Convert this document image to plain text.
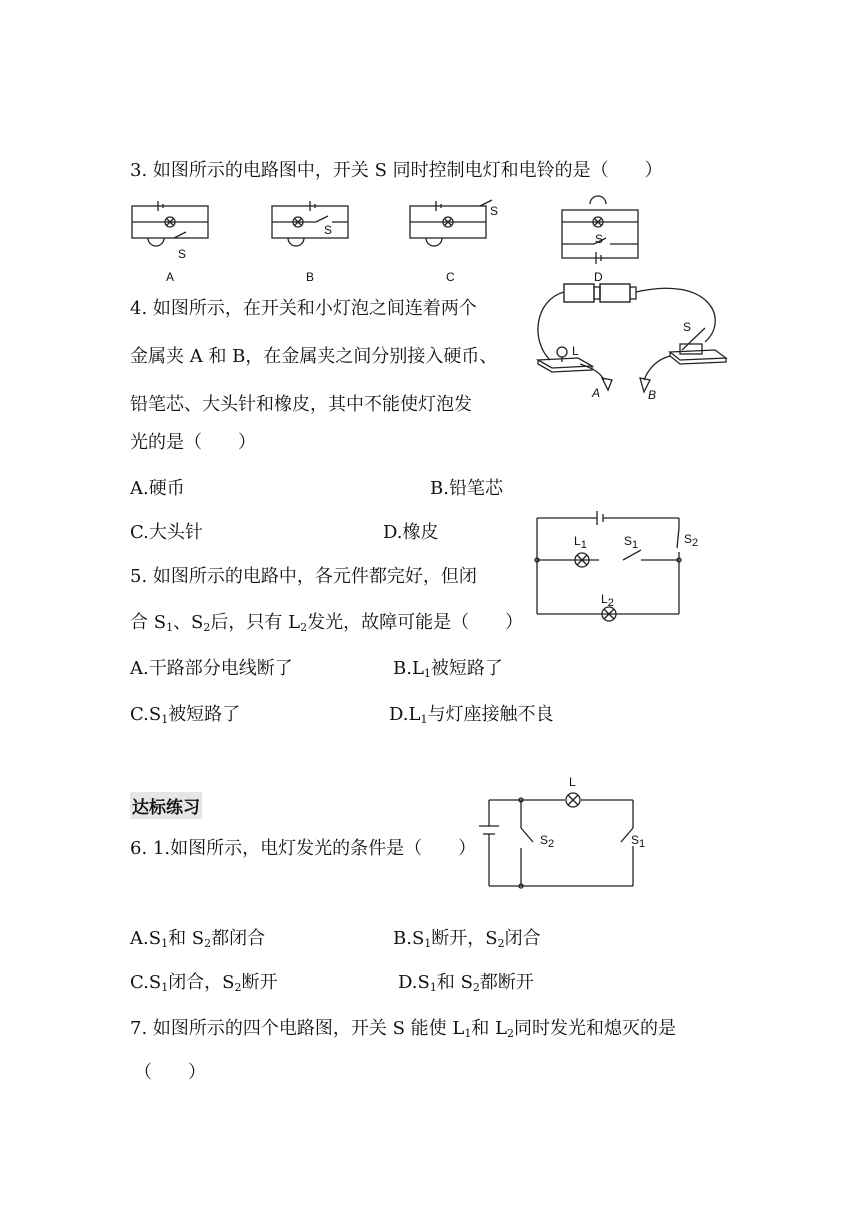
3. 如图所示的电路图中，开关 S 同时控制电灯和电铃的是（　　）
S
A
S
B
S
C
S
D
4. 如图所示，在开关和小灯泡之间连着两个
金属夹 A 和 B，在金属夹之间分别接入硬币、
铅笔芯、大头针和橡皮，其中不能使灯泡发
光的是（　　）
S
L
A	B
A.硬币	B.铅笔芯
C.大头针	D.橡皮	L1	S1	S2
L2
5. 如图所示的电路中，各元件都完好，但闭
合 $S_1$、$S_2$后，只有 $L_2$发光，故障可能是（　　）
A.干路部分电线断了	$B.L_1$被短路了
$C.S_1$被短路了	$D.L_1$与灯座接触不良
达标练习
L
S2	S1
6. 1.如图所示，电灯发光的条件是（　　）
$A.S_1$和 $S_2$都闭合	$B.S_1$断开，$S_2$闭合
$C.S_1$闭合，$S_2$断开	$D.S_1$和 $S_2$都断开
7. 如图所示的四个电路图，开关 S 能使 $L_1$和 $L_2$同时发光和熄灭的是
（　　）
